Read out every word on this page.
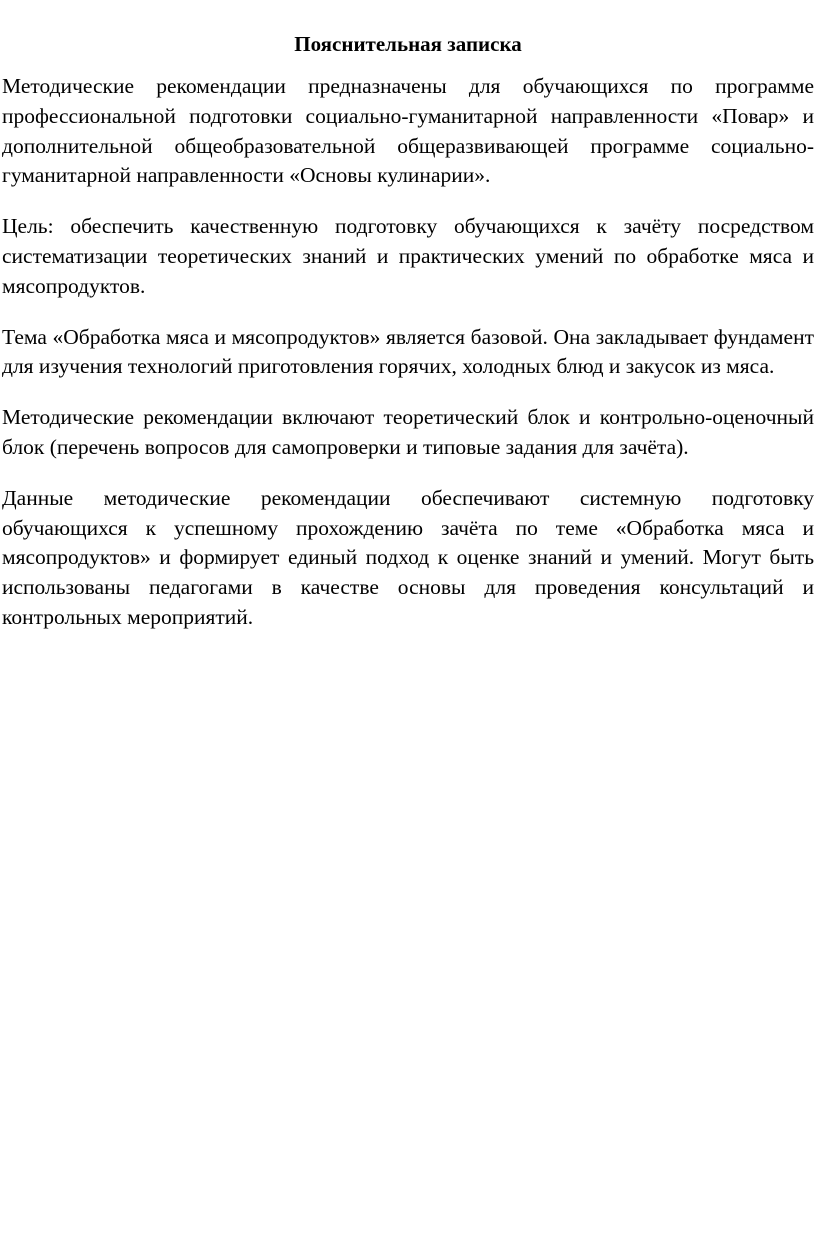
Пояснительная записка

Методические рекомендации предназначены для обучающихся по программе профессиональной подготовки социально-гуманитарной направленности «Повар» и дополнительной общеобразовательной общеразвивающей программе социально-гуманитарной направленности «Основы кулинарии».

Цель: обеспечить качественную подготовку обучающихся к зачёту посредством систематизации теоретических знаний и практических умений по обработке мяса и мясопродуктов.

Тема «Обработка мяса и мясопродуктов» является базовой. Она закладывает фундамент для изучения технологий приготовления горячих, холодных блюд и закусок из мяса.

Методические рекомендации включают теоретический блок и контрольно-оценочный блок (перечень вопросов для самопроверки и типовые задания для зачёта).

Данные методические рекомендации обеспечивают системную подготовку обучающихся к успешному прохождению зачёта по теме «Обработка мяса и мясопродуктов» и формирует единый подход к оценке знаний и умений. Могут быть использованы педагогами в качестве основы для проведения консультаций и контрольных мероприятий.
